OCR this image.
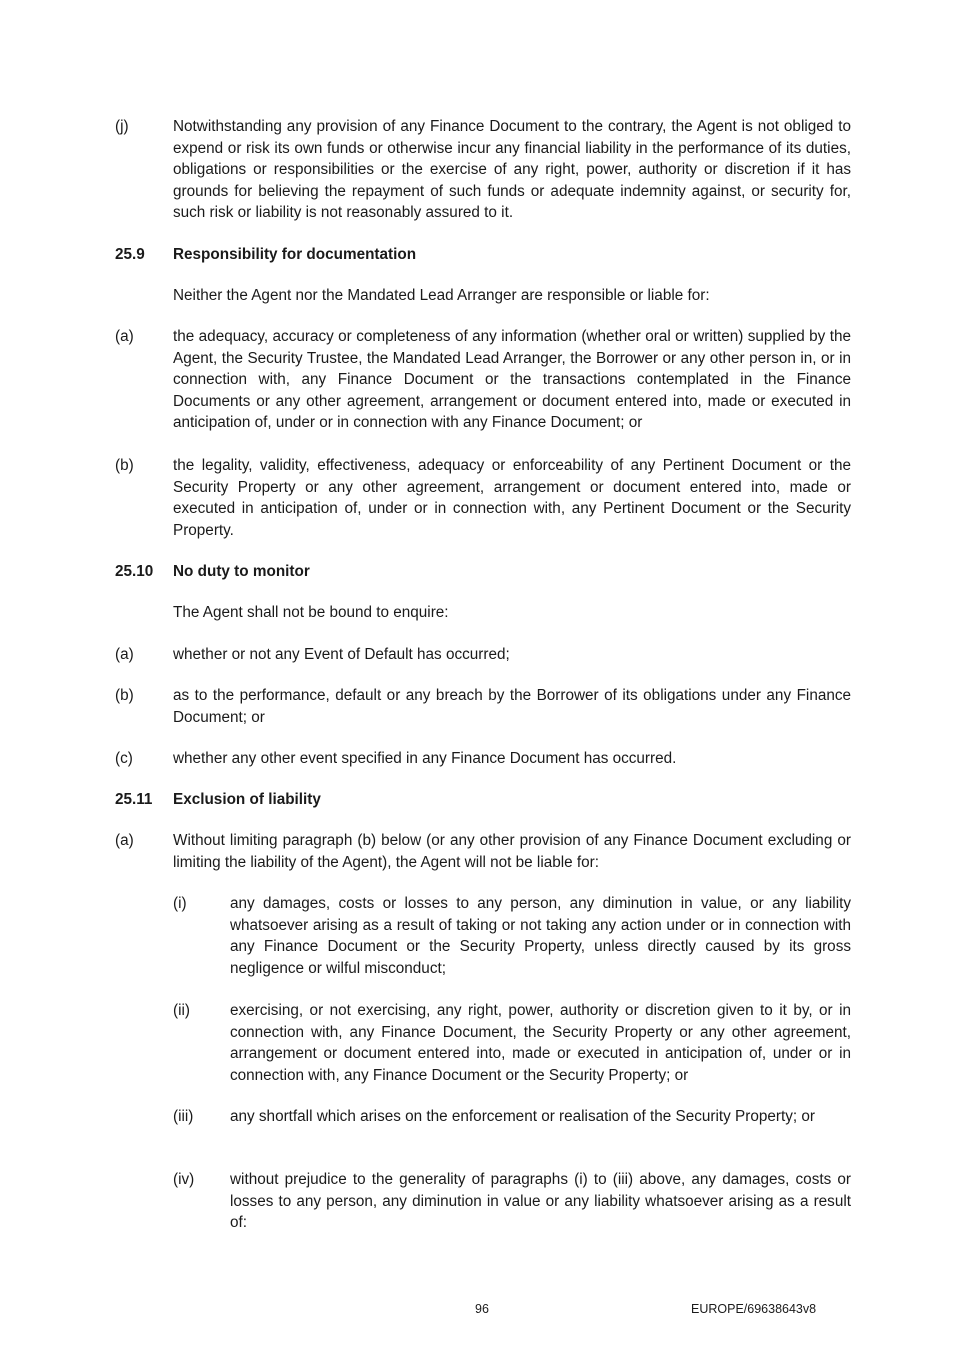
(j)	Notwithstanding any provision of any Finance Document to the contrary, the Agent is not obliged to expend or risk its own funds or otherwise incur any financial liability in the performance of its duties, obligations or responsibilities or the exercise of any right, power, authority or discretion if it has grounds for believing the repayment of such funds or adequate indemnity against, or security for, such risk or liability is not reasonably assured to it.
25.9 Responsibility for documentation
Neither the Agent nor the Mandated Lead Arranger are responsible or liable for:
(a)	the adequacy, accuracy or completeness of any information (whether oral or written) supplied by the Agent, the Security Trustee, the Mandated Lead Arranger, the Borrower or any other person in, or in connection with, any Finance Document or the transactions contemplated in the Finance Documents or any other agreement, arrangement or document entered into, made or executed in anticipation of, under or in connection with any Finance Document; or
(b)	the legality, validity, effectiveness, adequacy or enforceability of any Pertinent Document or the Security Property or any other agreement, arrangement or document entered into, made or executed in anticipation of, under or in connection with, any Pertinent Document or the Security Property.
25.10 No duty to monitor
The Agent shall not be bound to enquire:
(a)	whether or not any Event of Default has occurred;
(b)	as to the performance, default or any breach by the Borrower of its obligations under any Finance Document; or
(c)	whether any other event specified in any Finance Document has occurred.
25.11 Exclusion of liability
(a)	Without limiting paragraph (b) below (or any other provision of any Finance Document excluding or limiting the liability of the Agent), the Agent will not be liable for:
(i)	any damages, costs or losses to any person, any diminution in value, or any liability whatsoever arising as a result of taking or not taking any action under or in connection with any Finance Document or the Security Property, unless directly caused by its gross negligence or wilful misconduct;
(ii)	exercising, or not exercising, any right, power, authority or discretion given to it by, or in connection with, any Finance Document, the Security Property or any other agreement, arrangement or document entered into, made or executed in anticipation of, under or in connection with, any Finance Document or the Security Property; or
(iii) any shortfall which arises on the enforcement or realisation of the Security Property; or
(iv) without prejudice to the generality of paragraphs (i) to (iii) above, any damages, costs or losses to any person, any diminution in value or any liability whatsoever arising as a result of:
96	EUROPE/69638643v8
